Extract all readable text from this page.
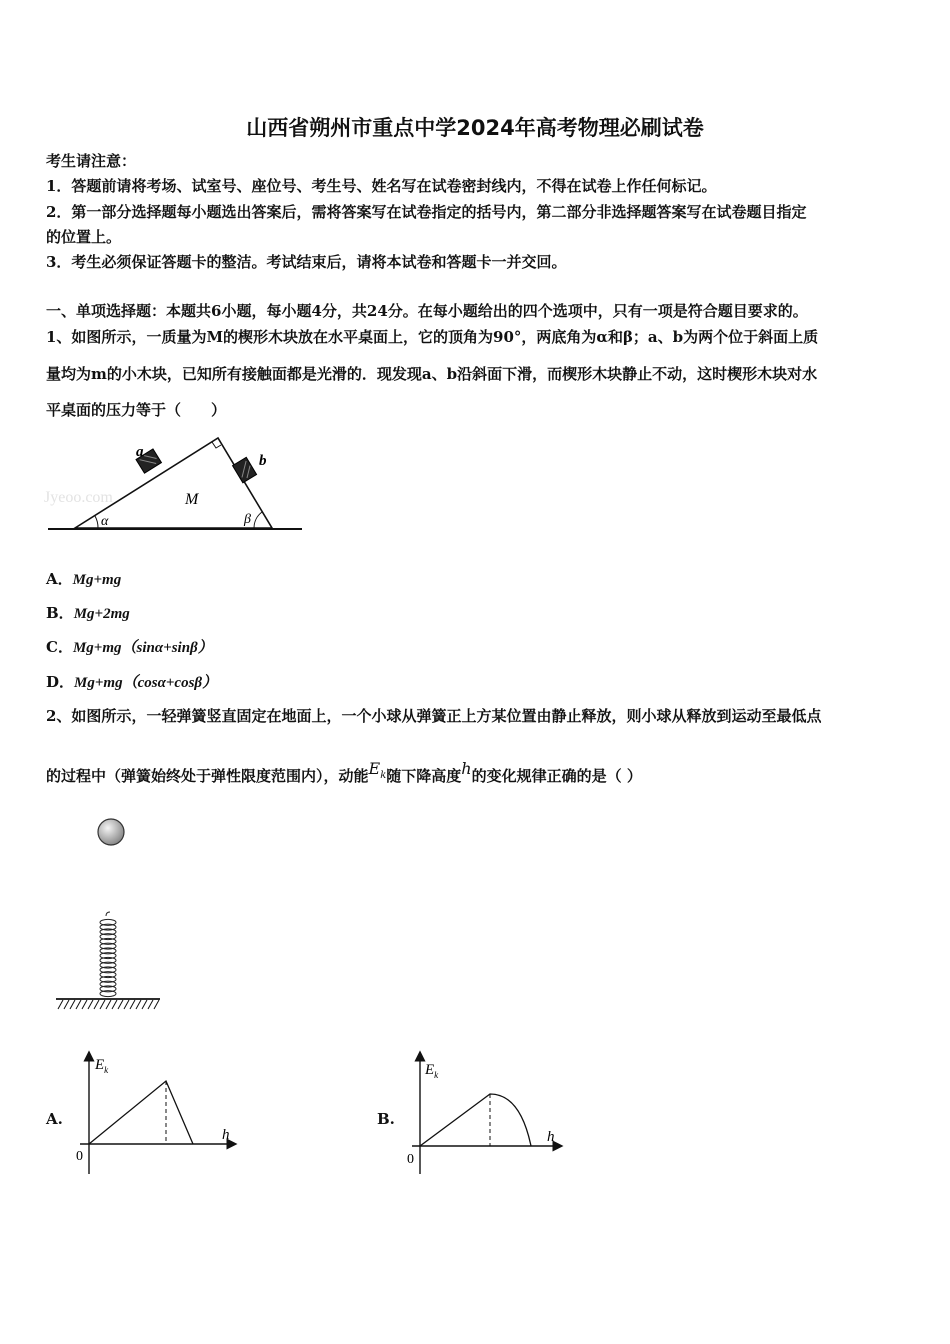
山西省朔州市重点中学2024年高考物理必刷试卷
考生请注意：
1．答题前请将考场、试室号、座位号、考生号、姓名写在试卷密封线内，不得在试卷上作任何标记。
2．第一部分选择题每小题选出答案后，需将答案写在试卷指定的括号内，第二部分非选择题答案写在试卷题目指定
的位置上。
3．考生必须保证答题卡的整洁。考试结束后，请将本试卷和答题卡一并交回。
一、单项选择题：本题共6小题，每小题4分，共24分。在每小题给出的四个选项中，只有一项是符合题目要求的。
1、如图所示，一质量为M的楔形木块放在水平桌面上，它的顶角为90°，两底角为α和β；a、b为两个位于斜面上质
量均为m的小木块，已知所有接触面都是光滑的．现发现a、b沿斜面下滑，而楔形木块静止不动，这时楔形木块对水
平桌面的压力等于（　　）
Jyeoo.com
a
b
M
α	β
A．Mg+mg
B．Mg+2mg
C．Mg+mg（sinα+sinβ）
D．Mg+mg（cosα+cosβ）
2、如图所示，一轻弹簧竖直固定在地面上，一个小球从弹簧正上方某位置由静止释放，则小球从释放到运动至最低点
的过程中（弹簧始终处于弹性限度范围内），动能$E_k$随下降高度h的变化规律正确的是（ ）
A.
$E_k$
h
0
B.
$E_k$
h
0
